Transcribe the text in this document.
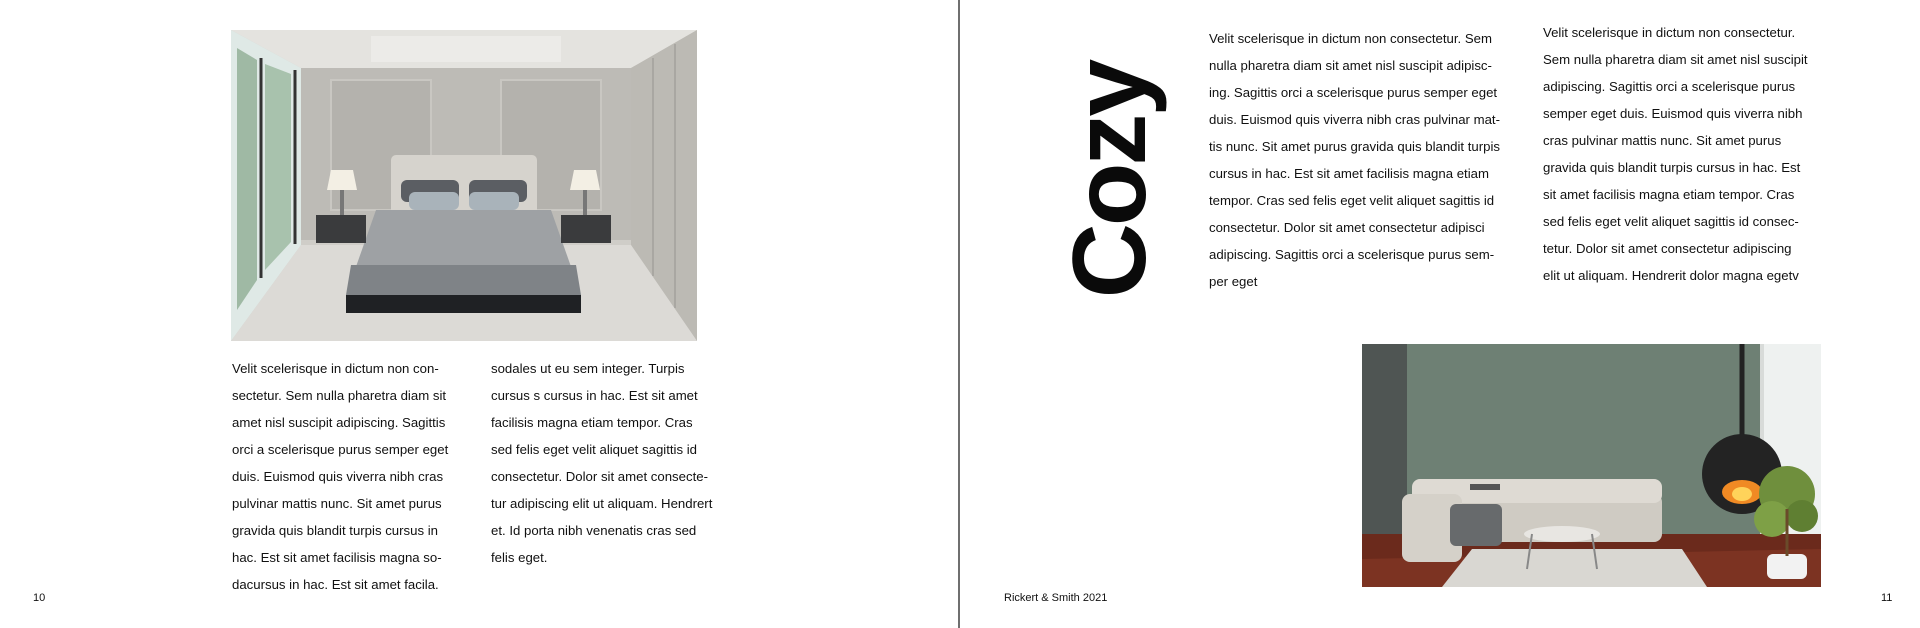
Velit scelerisque in dictum non con-
sectetur. Sem nulla pharetra diam sit
amet nisl suscipit adipiscing. Sagittis
orci a scelerisque purus semper eget
duis. Euismod quis viverra nibh cras
pulvinar mattis nunc. Sit amet purus
gravida quis blandit turpis cursus in
hac. Est sit amet facilisis magna so-
dacursus in hac. Est sit amet facila.
sodales ut eu sem integer. Turpis
cursus s cursus in hac. Est sit amet
facilisis magna etiam tempor. Cras
sed felis eget velit aliquet sagittis id
consectetur. Dolor sit amet consecte-
tur adipiscing elit ut aliquam. Hendrert
et. Id porta nibh venenatis cras sed
felis eget.
10
Cozy
Velit scelerisque in dictum non consectetur. Sem
nulla pharetra diam sit amet nisl suscipit adipisc-
ing. Sagittis orci a scelerisque purus semper eget
duis. Euismod quis viverra nibh cras pulvinar mat-
tis nunc. Sit amet purus gravida quis blandit turpis
cursus in hac. Est sit amet facilisis magna etiam
tempor. Cras sed felis eget velit aliquet sagittis id
consectetur. Dolor sit amet consectetur adipisci
adipiscing. Sagittis orci a scelerisque purus sem-
per eget
Velit scelerisque in dictum non consectetur.
Sem nulla pharetra diam sit amet nisl suscipit
adipiscing. Sagittis orci a scelerisque purus
semper eget duis. Euismod quis viverra nibh
cras pulvinar mattis nunc. Sit amet purus
gravida quis blandit turpis cursus in hac. Est
sit amet facilisis magna etiam tempor. Cras
sed felis eget velit aliquet sagittis id consec-
tetur. Dolor sit amet consectetur adipiscing
elit ut aliquam. Hendrerit dolor magna egetv
Rickert & Smith 2021	11
